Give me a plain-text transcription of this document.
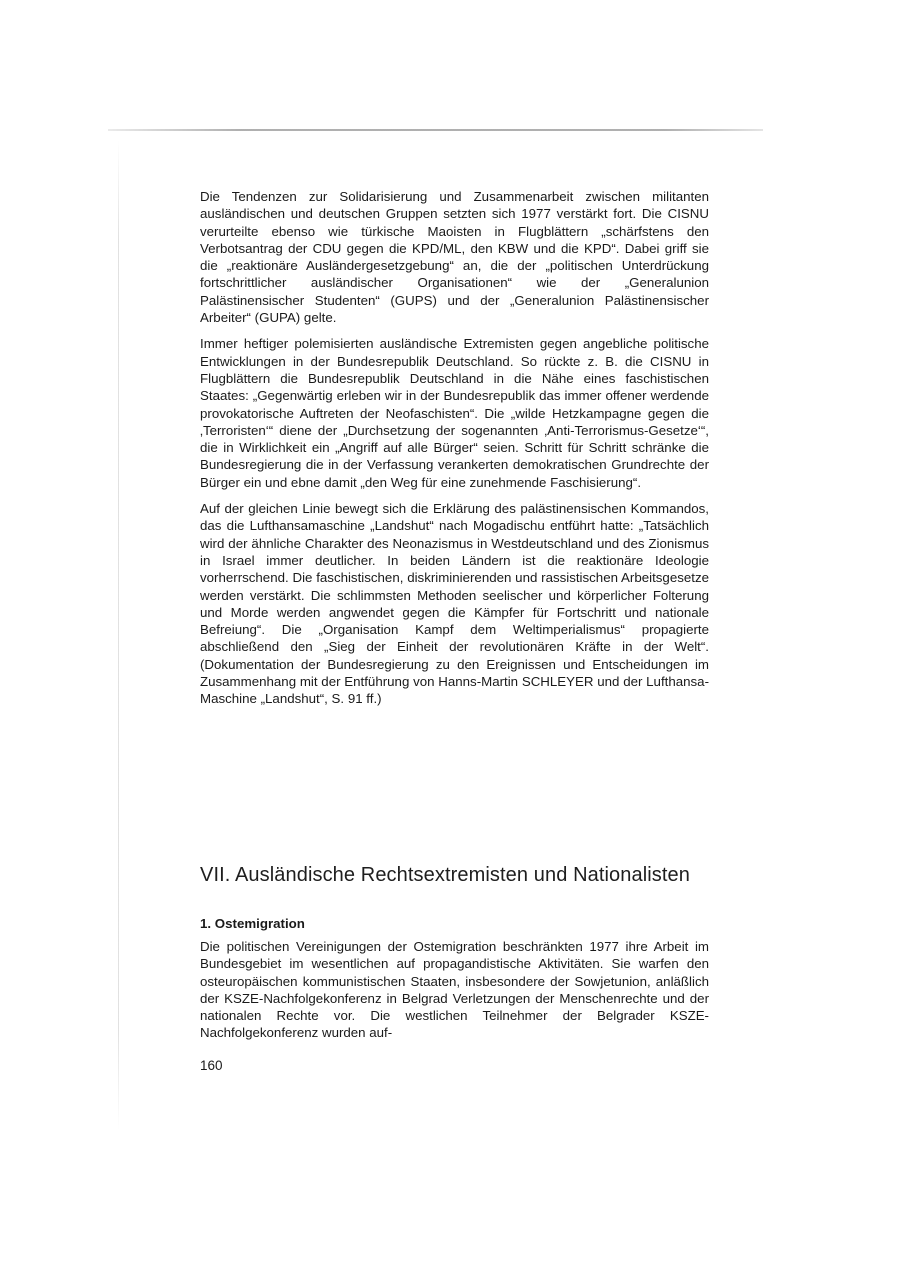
Die Tendenzen zur Solidarisierung und Zusammenarbeit zwischen militanten ausländischen und deutschen Gruppen setzten sich 1977 verstärkt fort. Die CISNU verurteilte ebenso wie türkische Maoisten in Flugblättern „schärfstens den Verbotsantrag der CDU gegen die KPD/ML, den KBW und die KPD“. Dabei griff sie die „reaktionäre Ausländergesetzgebung“ an, die der „politischen Unterdrückung fortschrittlicher ausländischer Organisationen“ wie der „Generalunion Palästinensischer Studenten“ (GUPS) und der „Generalunion Palästinensischer Arbeiter“ (GUPA) gelte.

Immer heftiger polemisierten ausländische Extremisten gegen angebliche politische Entwicklungen in der Bundesrepublik Deutschland. So rückte z. B. die CISNU in Flugblättern die Bundesrepublik Deutschland in die Nähe eines faschistischen Staates: „Gegenwärtig erleben wir in der Bundesrepublik das immer offener werdende provokatorische Auftreten der Neofaschisten“. Die „wilde Hetzkampagne gegen die ‚Terroristen‘“ diene der „Durchsetzung der sogenannten ‚Anti-Terrorismus-Gesetze‘“, die in Wirklichkeit ein „Angriff auf alle Bürger“ seien. Schritt für Schritt schränke die Bundesregierung die in der Verfassung verankerten demokratischen Grundrechte der Bürger ein und ebne damit „den Weg für eine zunehmende Faschisierung“.

Auf der gleichen Linie bewegt sich die Erklärung des palästinensischen Kommandos, das die Lufthansamaschine „Landshut“ nach Mogadischu entführt hatte: „Tatsächlich wird der ähnliche Charakter des Neonazismus in Westdeutschland und des Zionismus in Israel immer deutlicher. In beiden Ländern ist die reaktionäre Ideologie vorherrschend. Die faschistischen, diskriminierenden und rassistischen Arbeitsgesetze werden verstärkt. Die schlimmsten Methoden seelischer und körperlicher Folterung und Morde werden angwendet gegen die Kämpfer für Fortschritt und nationale Befreiung“. Die „Organisation Kampf dem Weltimperialismus“ propagierte abschließend den „Sieg der Einheit der revolutionären Kräfte in der Welt“. (Dokumentation der Bundesregierung zu den Ereignissen und Entscheidungen im Zusammenhang mit der Entführung von Hanns-Martin SCHLEYER und der Lufthansa-Maschine „Landshut“, S. 91 ff.)

VII. Ausländische Rechtsextremisten und Nationalisten
1. Ostemigration

Die politischen Vereinigungen der Ostemigration beschränkten 1977 ihre Arbeit im Bundesgebiet im wesentlichen auf propagandistische Aktivitäten. Sie warfen den osteuropäischen kommunistischen Staaten, insbesondere der Sowjetunion, anläßlich der KSZE-Nachfolgekonferenz in Belgrad Verletzungen der Menschenrechte und der nationalen Rechte vor. Die westlichen Teilnehmer der Belgrader KSZE-Nachfolgekonferenz wurden auf-

160
